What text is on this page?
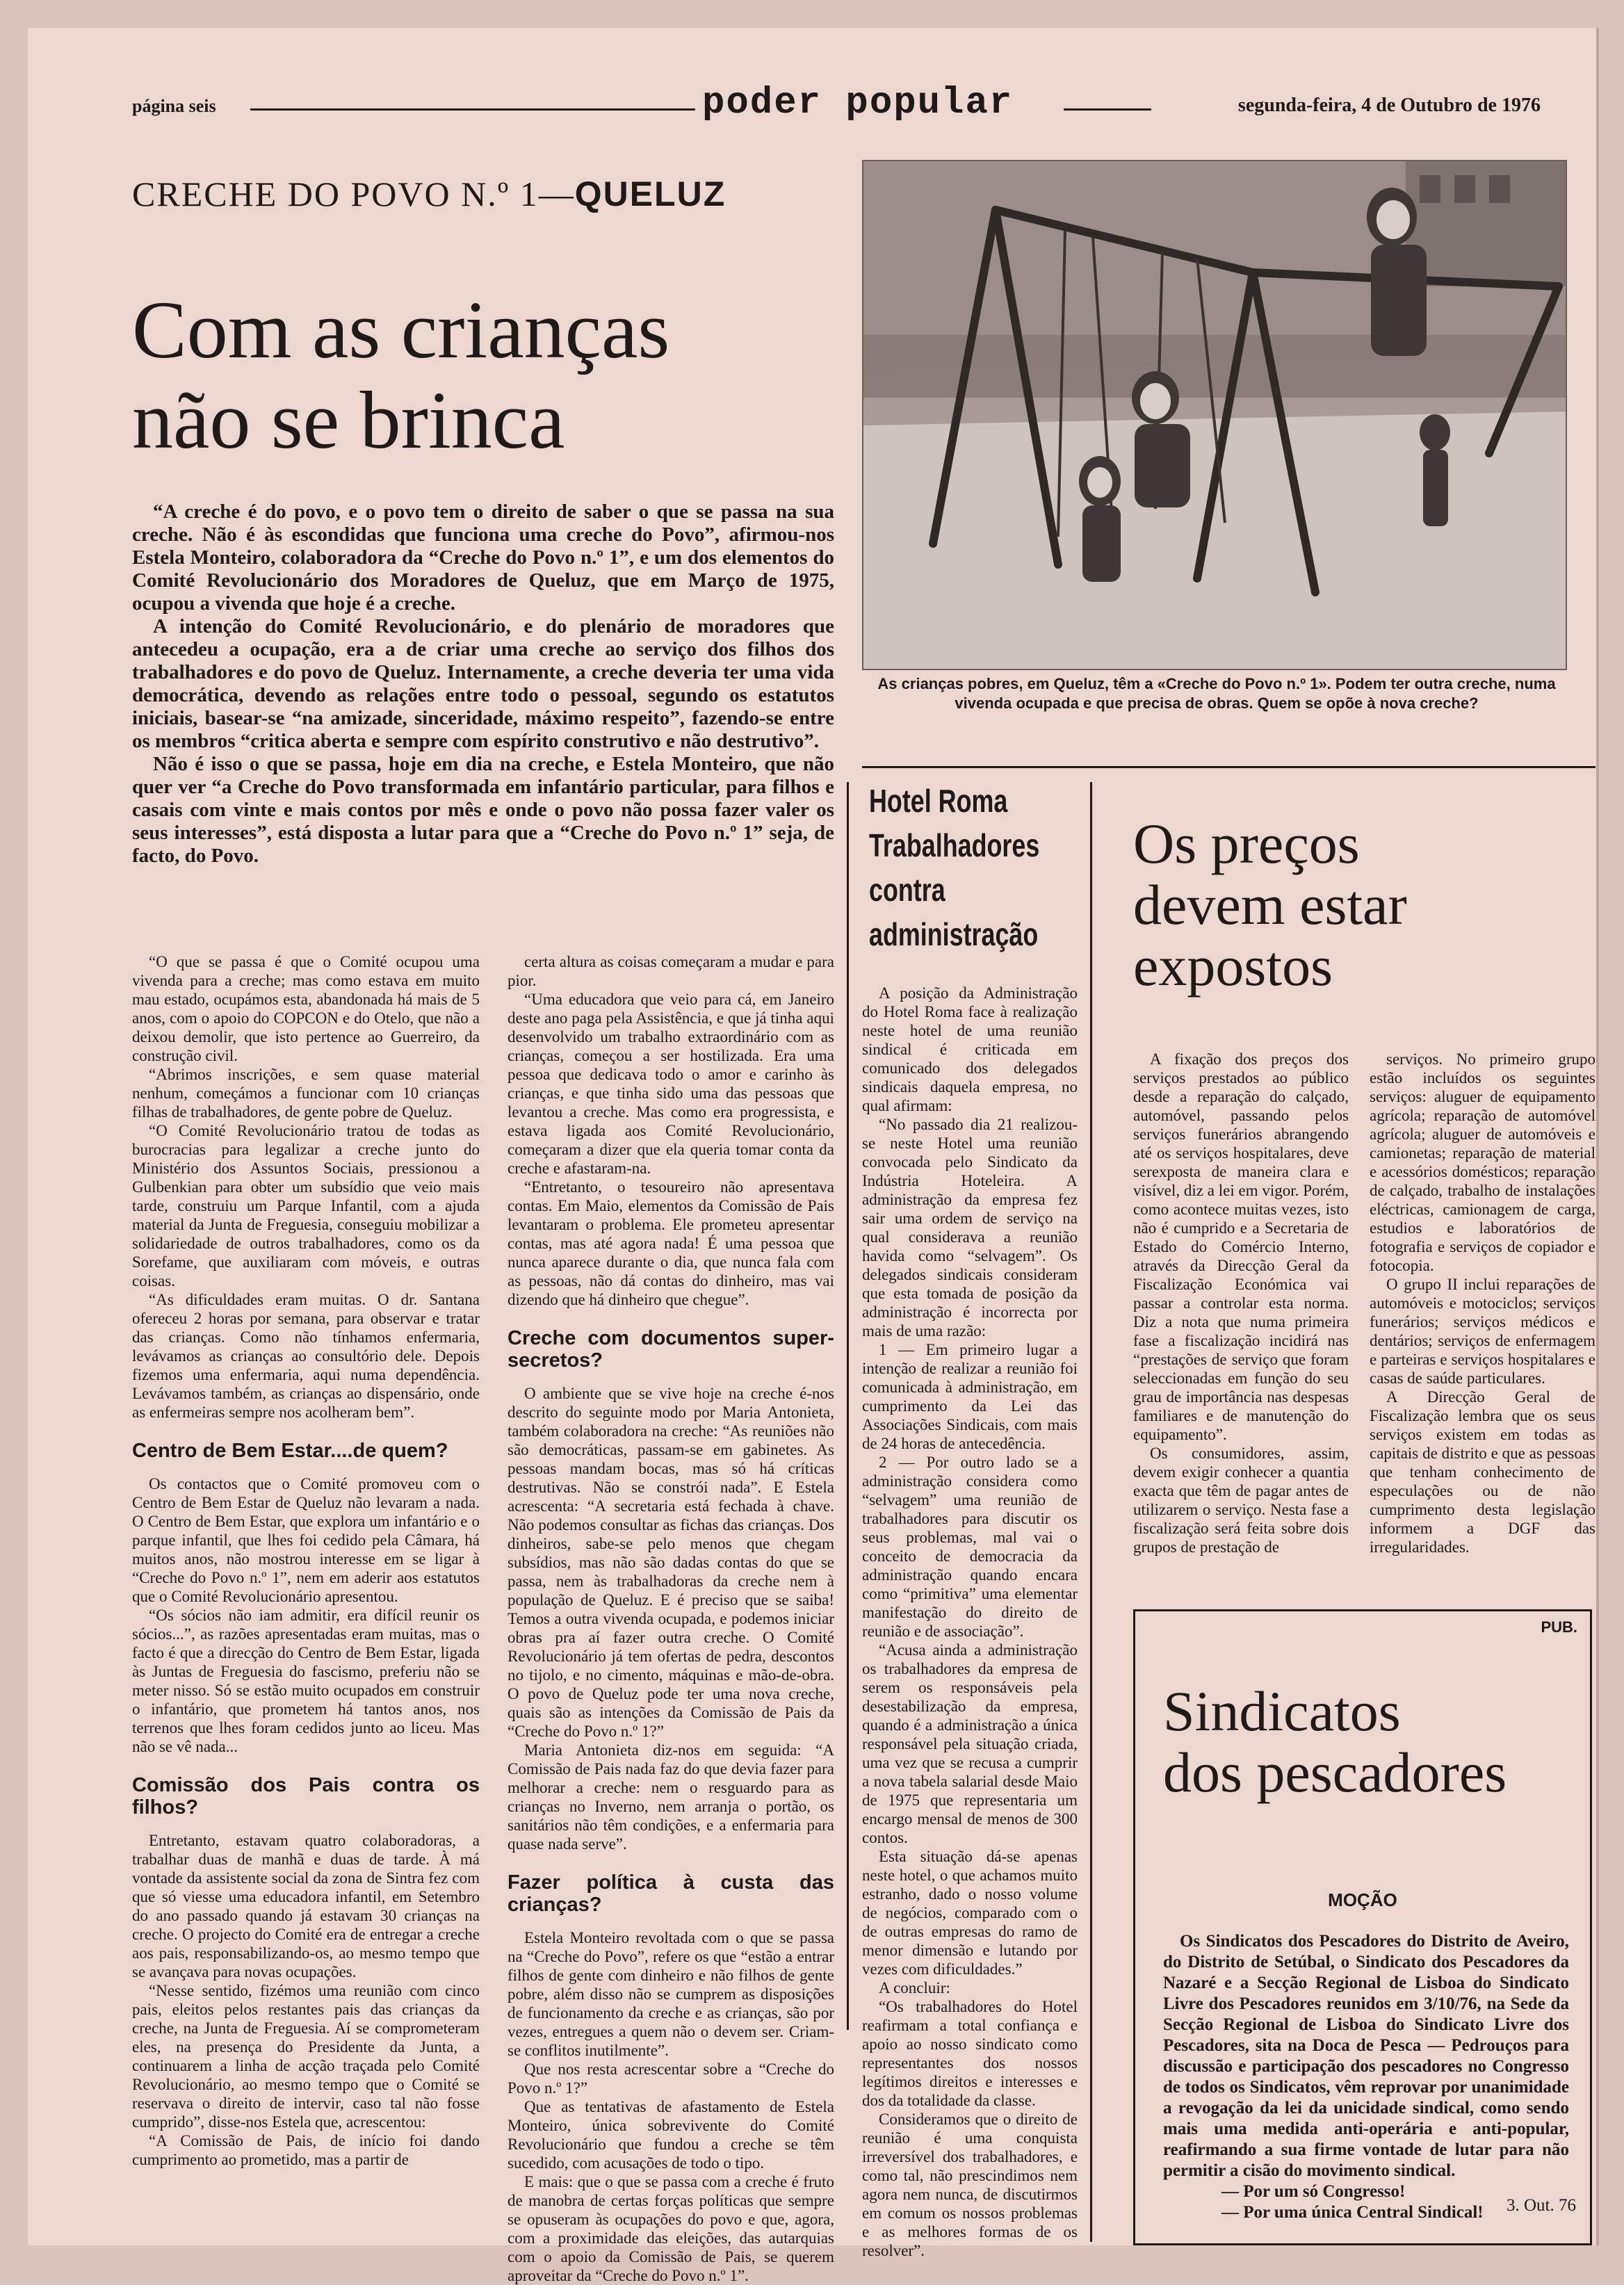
página seis	poder popular	segunda-feira, 4 de Outubro de 1976
CRECHE DO POVO N.º 1—QUELUZ
Com as crianças
não se brinca
As crianças pobres, em Queluz, têm a «Creche do Povo n.º 1». Podem ter outra creche, numa vivenda ocupada e que precisa de obras. Quem se opõe à nova creche?

“A creche é do povo, e o povo tem o direito de saber o que se passa na sua creche. Não é às escondidas que funciona uma creche do Povo”, afirmou-nos Estela Monteiro, colaboradora da “Creche do Povo n.º 1”, e um dos elementos do Comité Revolucionário dos Moradores de Queluz, que em Março de 1975, ocupou a vivenda que hoje é a creche.

A intenção do Comité Revolucionário, e do plenário de moradores que antecedeu a ocupação, era a de criar uma creche ao serviço dos filhos dos trabalhadores e do povo de Queluz. Internamente, a creche deveria ter uma vida democrática, devendo as relações entre todo o pessoal, segundo os estatutos iniciais, basear-se “na amizade, sinceridade, máximo respeito”, fazendo-se entre os membros “critica aberta e sempre com espírito construtivo e não destrutivo”.

Não é isso o que se passa, hoje em dia na creche, e Estela Monteiro, que não quer ver “a Creche do Povo transformada em infantário particular, para filhos e casais com vinte e mais contos por mês e onde o povo não possa fazer valer os seus interesses”, está disposta a lutar para que a “Creche do Povo n.º 1” seja, de facto, do Povo.

“O que se passa é que o Comité ocupou uma vivenda para a creche; mas como estava em muito mau estado, ocupámos esta, abandonada há mais de 5 anos, com o apoio do COPCON e do Otelo, que não a deixou demolir, que isto pertence ao Guerreiro, da construção civil.

“Abrimos inscrições, e sem quase material nenhum, começámos a funcionar com 10 crianças filhas de trabalhadores, de gente pobre de Queluz.

“O Comité Revolucionário tratou de todas as burocracias para legalizar a creche junto do Ministério dos Assuntos Sociais, pressionou a Gulbenkian para obter um subsídio que veio mais tarde, construiu um Parque Infantil, com a ajuda material da Junta de Freguesia, conseguiu mobilizar a solidariedade de outros trabalhadores, como os da Sorefame, que auxiliaram com móveis, e outras coisas.

“As dificuldades eram muitas. O dr. Santana ofereceu 2 horas por semana, para observar e tratar das crianças. Como não tínhamos enfermaria, levávamos as crianças ao consultório dele. Depois fizemos uma enfermaria, aqui numa dependência. Levávamos também, as crianças ao dispensário, onde as enfermeiras sempre nos acolheram bem”.

Centro de Bem Estar....de quem?

Os contactos que o Comité promoveu com o Centro de Bem Estar de Queluz não levaram a nada. O Centro de Bem Estar, que explora um infantário e o parque infantil, que lhes foi cedido pela Câmara, há muitos anos, não mostrou interesse em se ligar à “Creche do Povo n.º 1”, nem em aderir aos estatutos que o Comité Revolucionário apresentou.

“Os sócios não iam admitir, era difícil reunir os sócios...”, as razões apresentadas eram muitas, mas o facto é que a direcção do Centro de Bem Estar, ligada às Juntas de Freguesia do fascismo, preferiu não se meter nisso. Só se estão muito ocupados em construir o infantário, que prometem há tantos anos, nos terrenos que lhes foram cedidos junto ao liceu. Mas não se vê nada...

Comissão dos Pais contra os filhos?

Entretanto, estavam quatro colaboradoras, a trabalhar duas de manhã e duas de tarde. À má vontade da assistente social da zona de Sintra fez com que só viesse uma educadora infantil, em Setembro do ano passado quando já estavam 30 crianças na creche. O projecto do Comité era de entregar a creche aos pais, responsabilizando-os, ao mesmo tempo que se avançava para novas ocupações.

“Nesse sentido, fizémos uma reunião com cinco pais, eleitos pelos restantes pais das crianças da creche, na Junta de Freguesia. Aí se comprometeram eles, na presença do Presidente da Junta, a continuarem a linha de acção traçada pelo Comité Revolucionário, ao mesmo tempo que o Comité se reservava o direito de intervir, caso tal não fosse cumprido”, disse-nos Estela que, acrescentou:

“A Comissão de Pais, de início foi dando cumprimento ao prometido, mas a partir de

certa altura as coisas começaram a mudar e para pior.

“Uma educadora que veio para cá, em Janeiro deste ano paga pela Assistência, e que já tinha aqui desenvolvido um trabalho extraordinário com as crianças, começou a ser hostilizada. Era uma pessoa que dedicava todo o amor e carinho às crianças, e que tinha sido uma das pessoas que levantou a creche. Mas como era progressista, e estava ligada aos Comité Revolucionário, começaram a dizer que ela queria tomar conta da creche e afastaram-na.

“Entretanto, o tesoureiro não apresentava contas. Em Maio, elementos da Comissão de Pais levantaram o problema. Ele prometeu apresentar contas, mas até agora nada! É uma pessoa que nunca aparece durante o dia, que nunca fala com as pessoas, não dá contas do dinheiro, mas vai dizendo que há dinheiro que chegue”.

Creche com documentos super-secretos?

O ambiente que se vive hoje na creche é-nos descrito do seguinte modo por Maria Antonieta, também colaboradora na creche: “As reuniões não são democráticas, passam-se em gabinetes. As pessoas mandam bocas, mas só há críticas destrutivas. Não se constrói nada”. E Estela acrescenta: “A secretaria está fechada à chave. Não podemos consultar as fichas das crianças. Dos dinheiros, sabe-se pelo menos que chegam subsídios, mas não são dadas contas do que se passa, nem às trabalhadoras da creche nem à população de Queluz. E é preciso que se saiba! Temos a outra vivenda ocupada, e podemos iniciar obras pra aí fazer outra creche. O Comité Revolucionário já tem ofertas de pedra, descontos no tijolo, e no cimento, máquinas e mão-de-obra. O povo de Queluz pode ter uma nova creche, quais são as intenções da Comissão de Pais da “Creche do Povo n.º 1?”

Maria Antonieta diz-nos em seguida: “A Comissão de Pais nada faz do que devia fazer para melhorar a creche: nem o resguardo para as crianças no Inverno, nem arranja o portão, os sanitários não têm condições, e a enfermaria para quase nada serve”.

Fazer política à custa das crianças?

Estela Monteiro revoltada com o que se passa na “Creche do Povo”, refere os que “estão a entrar filhos de gente com dinheiro e não filhos de gente pobre, além disso não se cumprem as disposições de funcionamento da creche e as crianças, são por vezes, entregues a quem não o devem ser. Criam-se conflitos inutilmente”.

Que nos resta acrescentar sobre a “Creche do Povo n.º 1?”

Que as tentativas de afastamento de Estela Monteiro, única sobrevivente do Comité Revolucionário que fundou a creche se têm sucedido, com acusações de todo o tipo.

E mais: que o que se passa com a creche é fruto de manobra de certas forças políticas que sempre se opuseram às ocupações do povo e que, agora, com a proximidade das eleições, das autarquias com o apoio da Comissão de Pais, se querem aproveitar da “Creche do Povo n.º 1”.

Hotel Roma
Trabalhadores
contra
administração

A posição da Administração do Hotel Roma face à realização neste hotel de uma reunião sindical é criticada em comunicado dos delegados sindicais daquela empresa, no qual afirmam:

“No passado dia 21 realizou-se neste Hotel uma reunião convocada pelo Sindicato da Indústria Hoteleira. A administração da empresa fez sair uma ordem de serviço na qual considerava a reunião havida como “selvagem”. Os delegados sindicais consideram que esta tomada de posição da administração é incorrecta por mais de uma razão:

1 — Em primeiro lugar a intenção de realizar a reunião foi comunicada à administração, em cumprimento da Lei das Associações Sindicais, com mais de 24 horas de antecedência.

2 — Por outro lado se a administração considera como “selvagem” uma reunião de trabalhadores para discutir os seus problemas, mal vai o conceito de democracia da administração quando encara como “primitiva” uma elementar manifestação do direito de reunião e de associação”.

“Acusa ainda a administração os trabalhadores da empresa de serem os responsáveis pela desestabilização da empresa, quando é a administração a única responsável pela situação criada, uma vez que se recusa a cumprir a nova tabela salarial desde Maio de 1975 que representaria um encargo mensal de menos de 300 contos.

Esta situação dá-se apenas neste hotel, o que achamos muito estranho, dado o nosso volume de negócios, comparado com o de outras empresas do ramo de menor dimensão e lutando por vezes com dificuldades.”

A concluir:

“Os trabalhadores do Hotel reafirmam a total confiança e apoio ao nosso sindicato como representantes dos nossos legítimos direitos e interesses e dos da totalidade da classe.

Consideramos que o direito de reunião é uma conquista irreversível dos trabalhadores, e como tal, não prescindimos nem agora nem nunca, de discutirmos em comum os nossos problemas e as melhores formas de os resolver”.

Os preços
devem estar
expostos

A fixação dos preços dos serviços prestados ao público desde a reparação do calçado, automóvel, passando pelos serviços funerários abrangendo até os serviços hospitalares, deve serexposta de maneira clara e visível, diz a lei em vigor. Porém, como acontece muitas vezes, isto não é cumprido e a Secretaria de Estado do Comércio Interno, através da Direcção Geral da Fiscalização Económica vai passar a controlar esta norma. Diz a nota que numa primeira fase a fiscalização incidirá nas “prestações de serviço que foram seleccionadas em função do seu grau de importância nas despesas familiares e de manutenção do equipamento”.

Os consumidores, assim, devem exigir conhecer a quantia exacta que têm de pagar antes de utilizarem o serviço. Nesta fase a fiscalização será feita sobre dois grupos de prestação de

serviços. No primeiro grupo estão incluídos os seguintes serviços: aluguer de equipamento agrícola; reparação de automóvel agrícola; aluguer de automóveis e camionetas; reparação de material e acessórios domésticos; reparação de calçado, trabalho de instalações eléctricas, camionagem de carga, estudios e laboratórios de fotografia e serviços de copiador e fotocopia.

O grupo II inclui reparações de automóveis e motociclos; serviços funerários; serviços médicos e dentários; serviços de enfermagem e parteiras e serviços hospitalares e casas de saúde particulares.

A Direcção Geral de Fiscalização lembra que os seus serviços existem em todas as capitais de distrito e que as pessoas que tenham conhecimento de especulações ou de não cumprimento desta legislação informem a DGF das irregularidades.

PUB.
Sindicatos
dos pescadores
MOÇÃO

Os Sindicatos dos Pescadores do Distrito de Aveiro, do Distrito de Setúbal, o Sindicato dos Pescadores da Nazaré e a Secção Regional de Lisboa do Sindicato Livre dos Pescadores reunidos em 3/10/76, na Sede da Secção Regional de Lisboa do Sindicato Livre dos Pescadores, sita na Doca de Pesca — Pedrouços para discussão e participação dos pescadores no Congresso de todos os Sindicatos, vêm reprovar por unanimidade a revogação da lei da unicidade sindical, como sendo mais uma medida anti-operária e anti-popular, reafirmando a sua firme vontade de lutar para não permitir a cisão do movimento sindical.

— Por um só Congresso!

— Por uma única Central Sindical!	3. Out. 76
